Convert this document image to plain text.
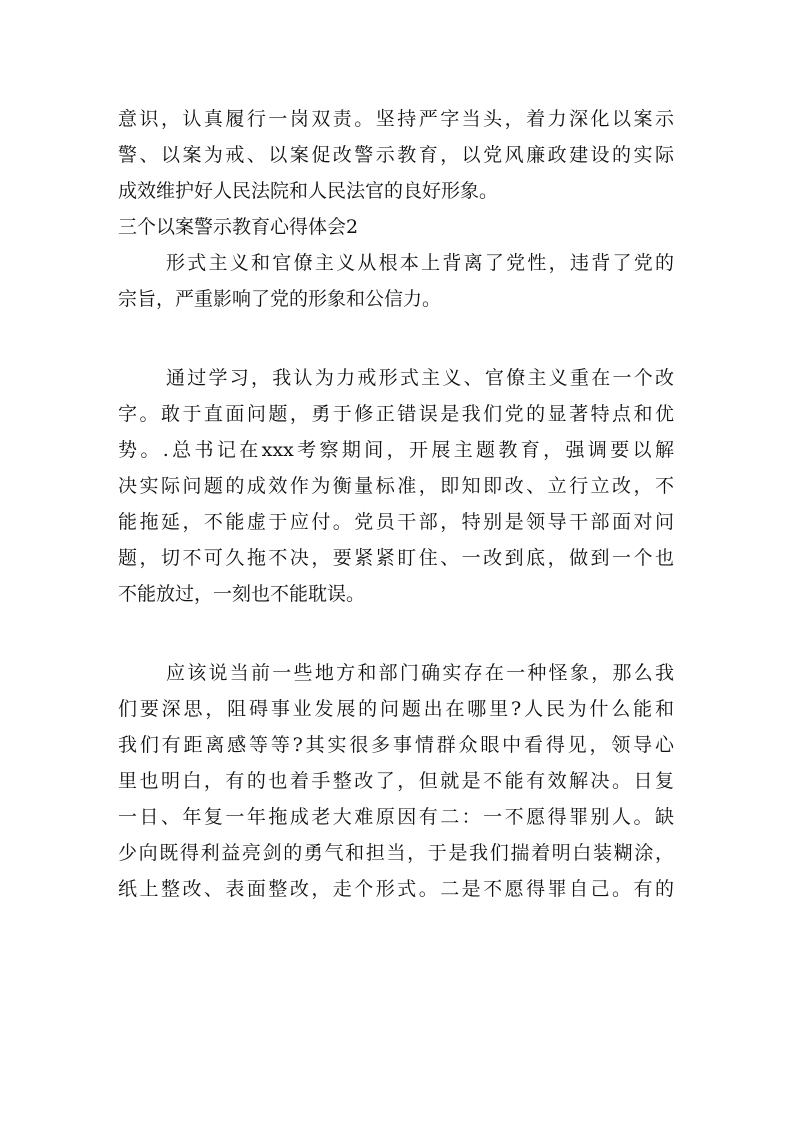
意识，认真履行一岗双责。坚持严字当头，着力深化以案示
警、以案为戒、以案促改警示教育，以党风廉政建设的实际
成效维护好人民法院和人民法官的良好形象。
三个以案警示教育心得体会2
形式主义和官僚主义从根本上背离了党性，违背了党的
宗旨，严重影响了党的形象和公信力。
通过学习，我认为力戒形式主义、官僚主义重在一个改
字。敢于直面问题，勇于修正错误是我们党的显著特点和优
势。.总书记在xxx考察期间，开展主题教育，强调要以解
决实际问题的成效作为衡量标准，即知即改、立行立改，不
能拖延，不能虚于应付。党员干部，特别是领导干部面对问
题，切不可久拖不决，要紧紧盯住、一改到底，做到一个也
不能放过，一刻也不能耽误。
应该说当前一些地方和部门确实存在一种怪象，那么我
们要深思，阻碍事业发展的问题出在哪里?人民为什么能和
我们有距离感等等?其实很多事情群众眼中看得见，领导心
里也明白，有的也着手整改了，但就是不能有效解决。日复
一日、年复一年拖成老大难原因有二：一不愿得罪别人。缺
少向既得利益亮剑的勇气和担当，于是我们揣着明白装糊涂，
纸上整改、表面整改，走个形式。二是不愿得罪自己。有的
